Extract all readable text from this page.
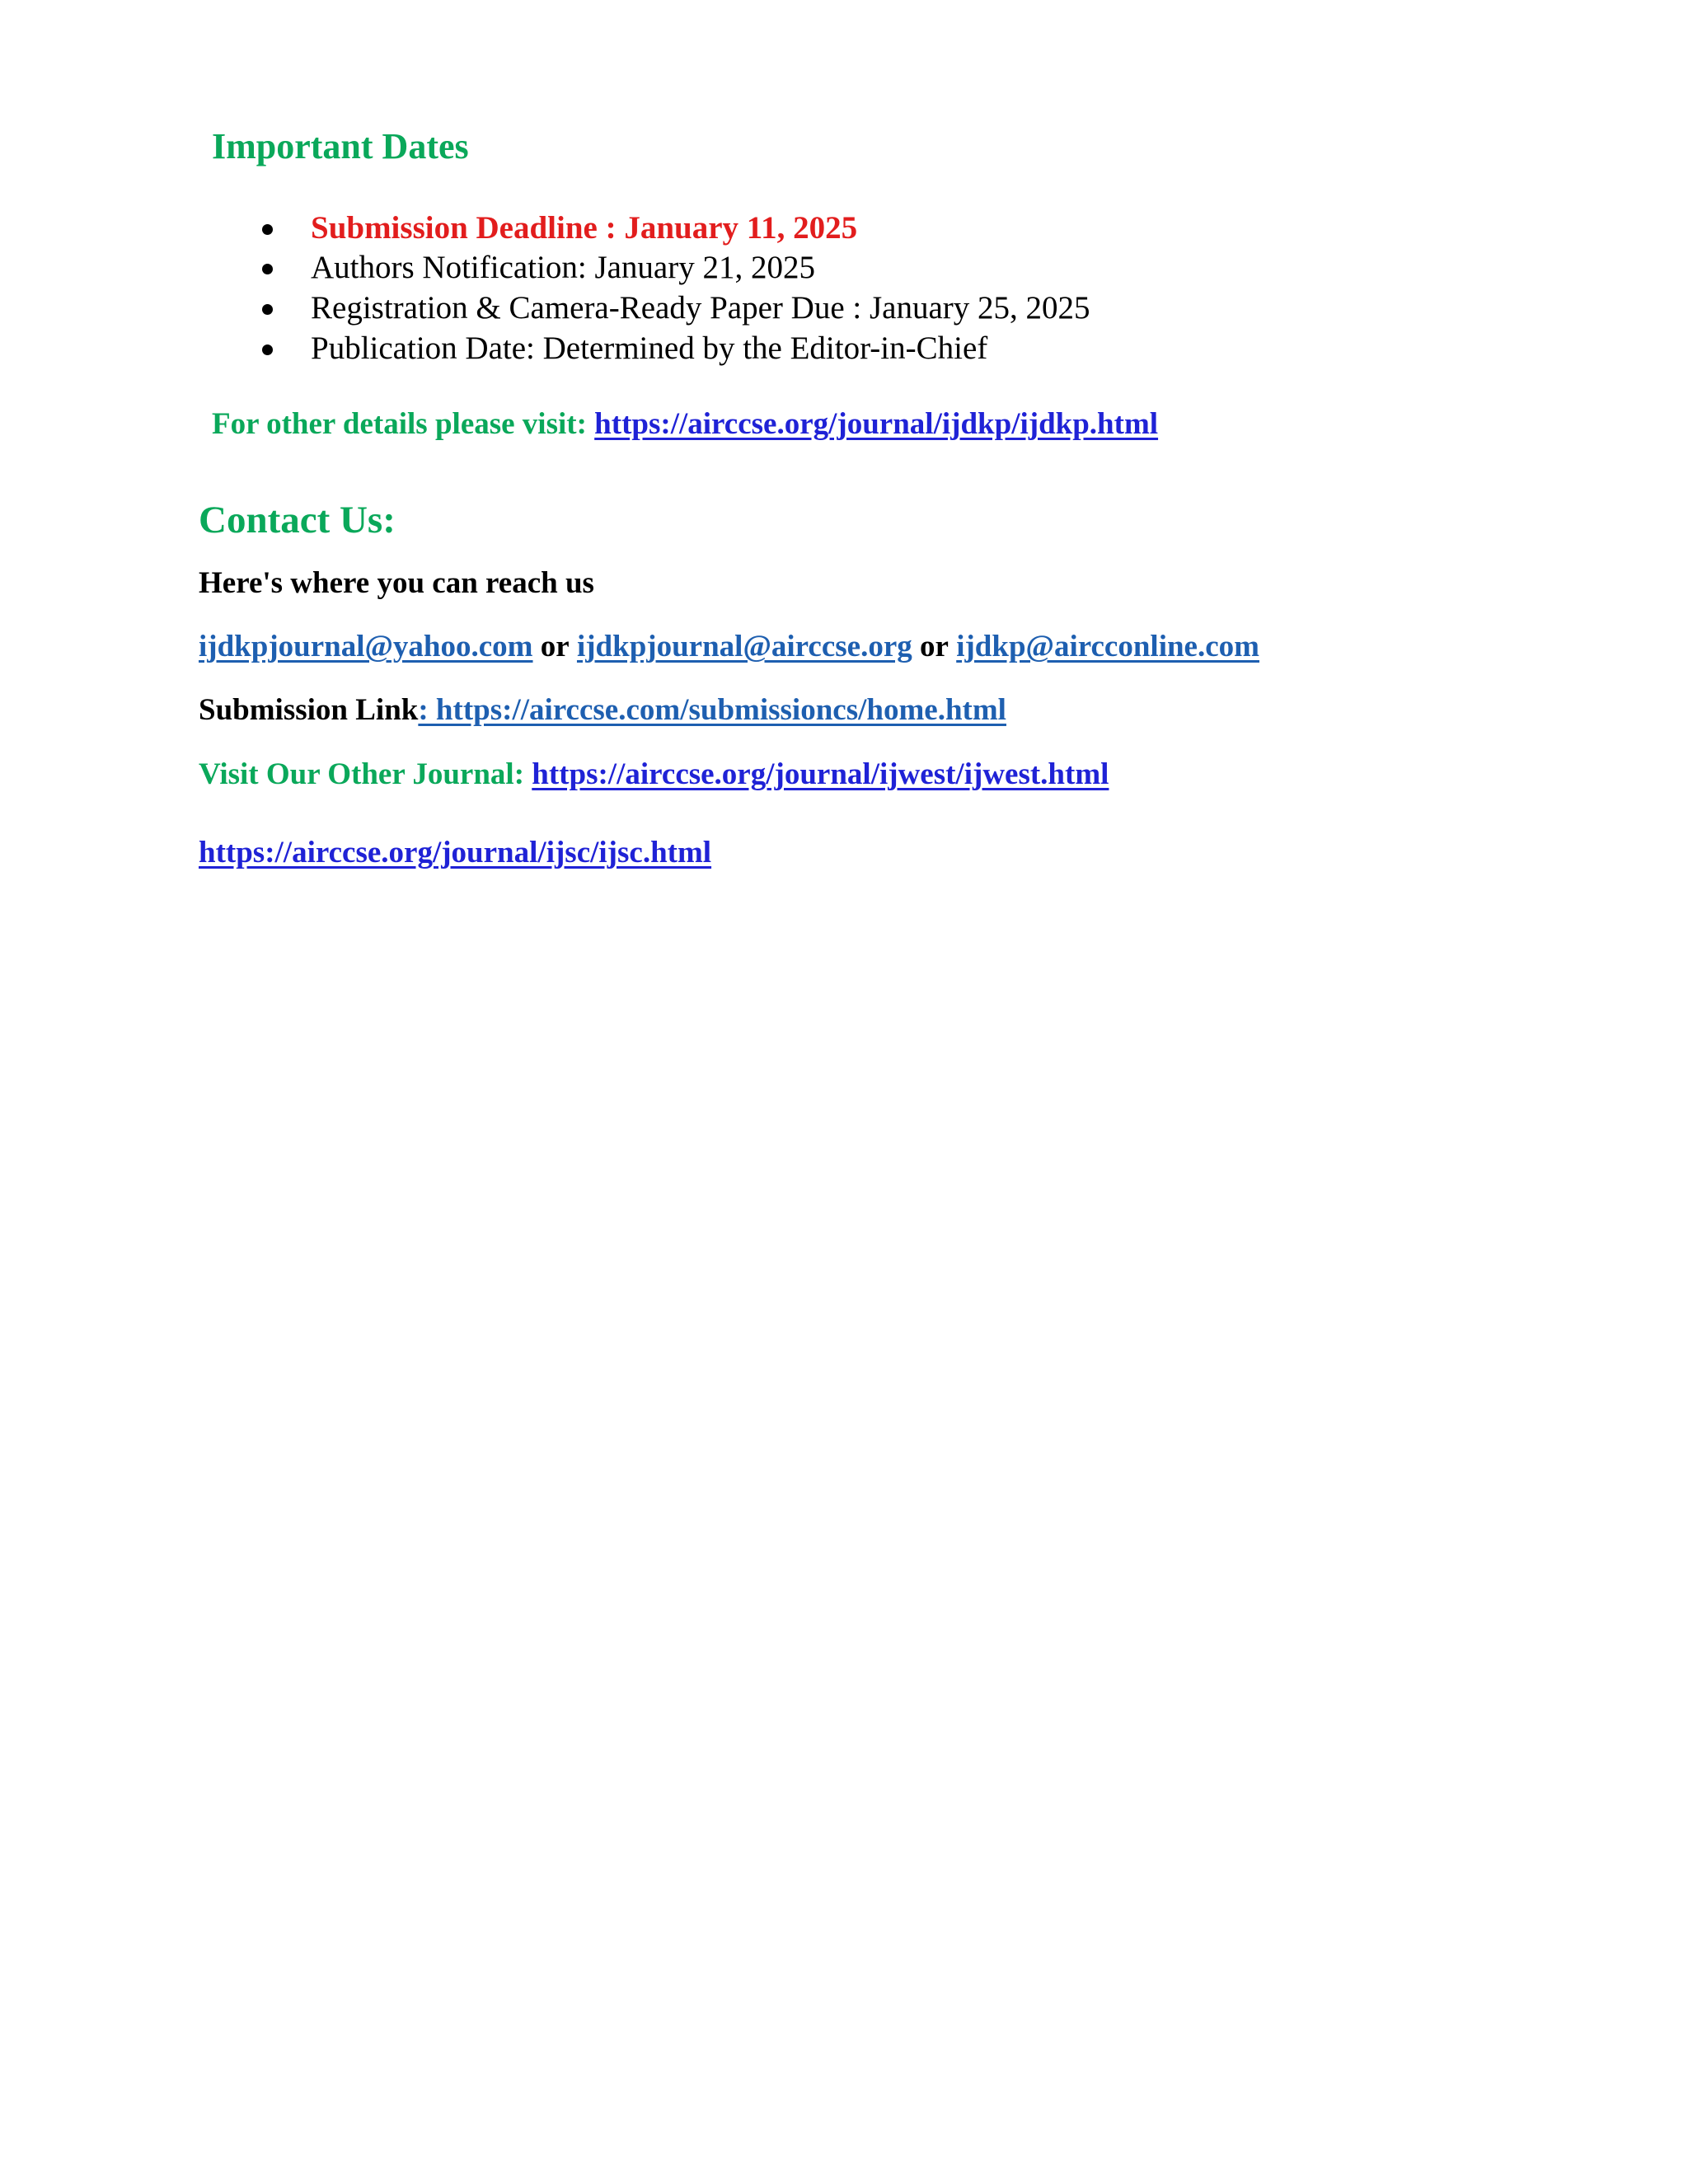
Important Dates
Submission Deadline : January 11, 2025
Authors Notification: January 21, 2025
Registration & Camera-Ready Paper Due : January 25, 2025
Publication Date: Determined by the Editor-in-Chief
For other details please visit: https://airccse.org/journal/ijdkp/ijdkp.html
Contact Us:
Here's where you can reach us
ijdkpjournal@yahoo.com or ijdkpjournal@airccse.org or ijdkp@aircconline.com
Submission Link: https://airccse.com/submissioncs/home.html
Visit Our Other Journal: https://airccse.org/journal/ijwest/ijwest.html
https://airccse.org/journal/ijsc/ijsc.html
